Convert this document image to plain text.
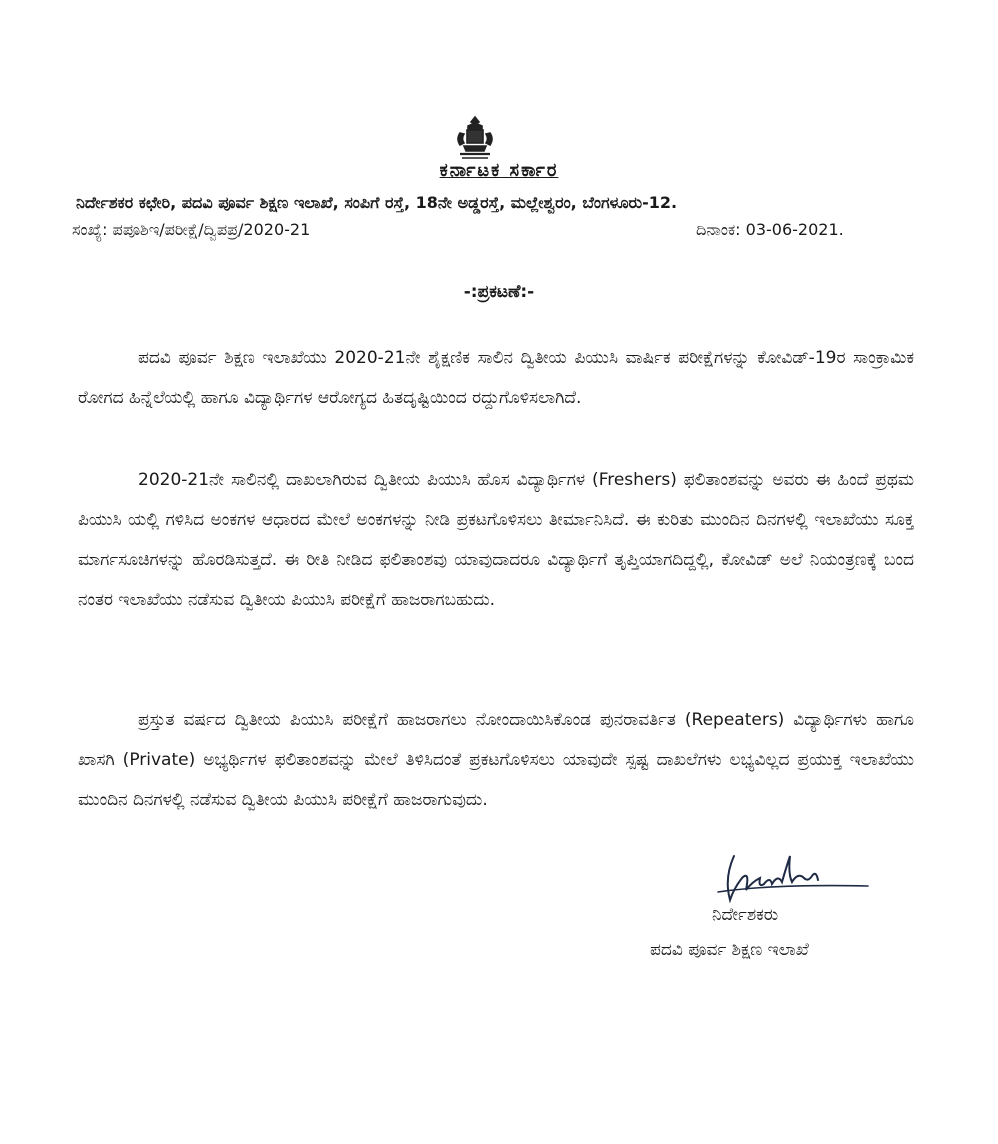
ಕರ್ನಾಟಕ ಸರ್ಕಾರ
ನಿರ್ದೇಶಕರ ಕಛೇರಿ, ಪದವಿ ಪೂರ್ವ ಶಿಕ್ಷಣ ಇಲಾಖೆ, ಸಂಪಿಗೆ ರಸ್ತೆ, 18ನೇ ಅಡ್ಡರಸ್ತೆ, ಮಲ್ಲೇಶ್ವರಂ, ಬೆಂಗಳೂರು-12.
ಸಂಖ್ಯೆ: ಪಪೂಶಿಇ/ಪರೀಕ್ಷೆ/ದ್ವಿಪಪ್ರ/2020-21	ದಿನಾಂಕ: 03-06-2021.
-:ಪ್ರಕಟಣೆ:-
ಪದವಿ ಪೂರ್ವ ಶಿಕ್ಷಣ ಇಲಾಖೆಯು 2020-21ನೇ ಶೈಕ್ಷಣಿಕ ಸಾಲಿನ ದ್ವಿತೀಯ ಪಿಯುಸಿ ವಾರ್ಷಿಕ ಪರೀಕ್ಷೆಗಳನ್ನು ಕೋವಿಡ್-19ರ ಸಾಂಕ್ರಾಮಿಕ ರೋಗದ ಹಿನ್ನೆಲೆಯಲ್ಲಿ ಹಾಗೂ ವಿದ್ಯಾರ್ಥಿಗಳ ಆರೋಗ್ಯದ ಹಿತದೃಷ್ಟಿಯಿಂದ ರದ್ದುಗೊಳಿಸಲಾಗಿದೆ.
2020-21ನೇ ಸಾಲಿನಲ್ಲಿ ದಾಖಲಾಗಿರುವ ದ್ವಿತೀಯ ಪಿಯುಸಿ ಹೊಸ ವಿದ್ಯಾರ್ಥಿಗಳ (Freshers) ಫಲಿತಾಂಶವನ್ನು ಅವರು ಈ ಹಿಂದೆ ಪ್ರಥಮ ಪಿಯುಸಿ ಯಲ್ಲಿ ಗಳಿಸಿದ ಅಂಕಗಳ ಆಧಾರದ ಮೇಲೆ ಅಂಕಗಳನ್ನು ನೀಡಿ ಪ್ರಕಟಗೊಳಿಸಲು ತೀರ್ಮಾನಿಸಿದೆ. ಈ ಕುರಿತು ಮುಂದಿನ ದಿನಗಳಲ್ಲಿ ಇಲಾಖೆಯು ಸೂಕ್ತ ಮಾರ್ಗಸೂಚಿಗಳನ್ನು ಹೊರಡಿಸುತ್ತದೆ. ಈ ರೀತಿ ನೀಡಿದ ಫಲಿತಾಂಶವು ಯಾವುದಾದರೂ ವಿದ್ಯಾರ್ಥಿಗೆ ತೃಪ್ತಿಯಾಗದಿದ್ದಲ್ಲಿ, ಕೋವಿಡ್ ಅಲೆ ನಿಯಂತ್ರಣಕ್ಕೆ ಬಂದ ನಂತರ ಇಲಾಖೆಯು ನಡೆಸುವ ದ್ವಿತೀಯ ಪಿಯುಸಿ ಪರೀಕ್ಷೆಗೆ ಹಾಜರಾಗಬಹುದು.
ಪ್ರಸ್ತುತ ವರ್ಷದ ದ್ವಿತೀಯ ಪಿಯುಸಿ ಪರೀಕ್ಷೆಗೆ ಹಾಜರಾಗಲು ನೋಂದಾಯಿಸಿಕೊಂಡ ಪುನರಾವರ್ತಿತ (Repeaters) ವಿದ್ಯಾರ್ಥಿಗಳು ಹಾಗೂ ಖಾಸಗಿ (Private) ಅಭ್ಯರ್ಥಿಗಳ ಫಲಿತಾಂಶವನ್ನು ಮೇಲೆ ತಿಳಿಸಿದಂತೆ ಪ್ರಕಟಗೊಳಿಸಲು ಯಾವುದೇ ಸ್ಪಷ್ಟ ದಾಖಲೆಗಳು ಲಭ್ಯವಿಲ್ಲದ ಪ್ರಯುಕ್ತ ಇಲಾಖೆಯು ಮುಂದಿನ ದಿನಗಳಲ್ಲಿ ನಡೆಸುವ ದ್ವಿತೀಯ ಪಿಯುಸಿ ಪರೀಕ್ಷೆಗೆ ಹಾಜರಾಗುವುದು.
ನಿರ್ದೇಶಕರು
ಪದವಿ ಪೂರ್ವ ಶಿಕ್ಷಣ ಇಲಾಖೆ
